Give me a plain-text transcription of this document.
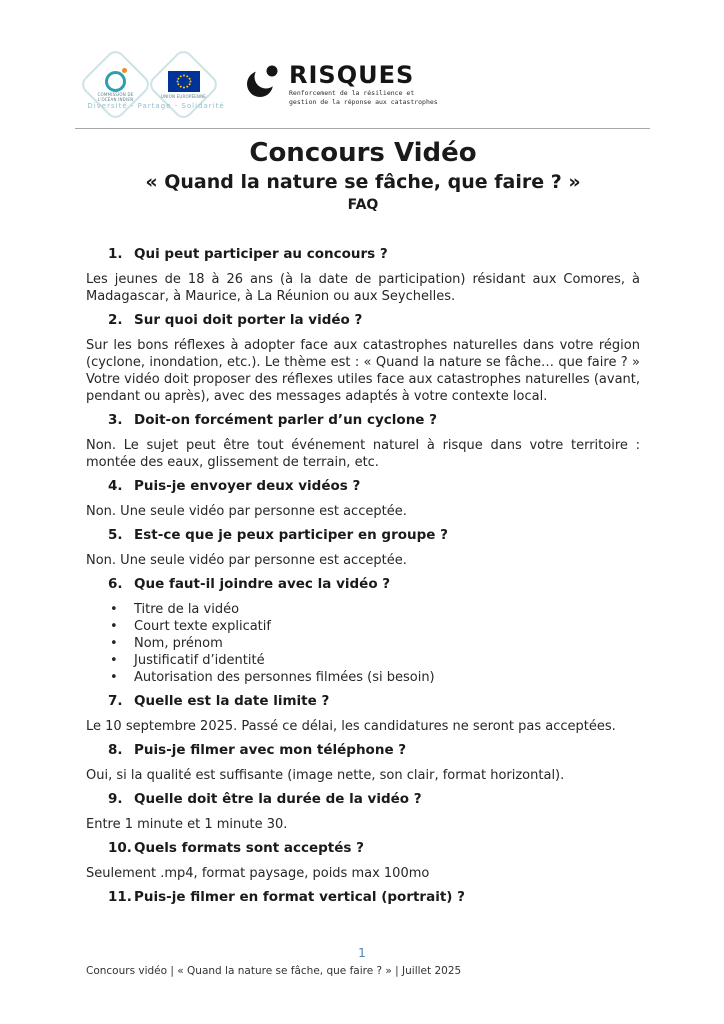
COMMISSION DE L'OCÉAN INDIEN
UNION EUROPÉENNE
Diversité - Partage - Solidarité
RISQUES
Renforcement de la résilience et
gestion de la réponse aux catastrophes
Concours Vidéo
« Quand la nature se fâche, que faire ? »
FAQ
1. Qui peut participer au concours ?

Les jeunes de 18 à 26 ans (à la date de participation) résidant aux Comores, à Madagascar, à Maurice, à La Réunion ou aux Seychelles.

2. Sur quoi doit porter la vidéo ?

Sur les bons réflexes à adopter face aux catastrophes naturelles dans votre région (cyclone, inondation, etc.). Le thème est : « Quand la nature se fâche… que faire ? » Votre vidéo doit proposer des réflexes utiles face aux catastrophes naturelles (avant, pendant ou après), avec des messages adaptés à votre contexte local.

3. Doit-on forcément parler d’un cyclone ?

Non. Le sujet peut être tout événement naturel à risque dans votre territoire : montée des eaux, glissement de terrain, etc.

4. Puis-je envoyer deux vidéos ?

Non. Une seule vidéo par personne est acceptée.

5. Est-ce que je peux participer en groupe ?

Non. Une seule vidéo par personne est acceptée.

6. Que faut-il joindre avec la vidéo ?
• Titre de la vidéo
• Court texte explicatif
• Nom, prénom
• Justificatif d’identité
• Autorisation des personnes filmées (si besoin)
7. Quelle est la date limite ?

Le 10 septembre 2025. Passé ce délai, les candidatures ne seront pas acceptées.

8. Puis-je filmer avec mon téléphone ?

Oui, si la qualité est suffisante (image nette, son clair, format horizontal).

9. Quelle doit être la durée de la vidéo ?

Entre 1 minute et 1 minute 30.

10. Quels formats sont acceptés ?

Seulement .mp4, format paysage, poids max 100mo

11. Puis-je filmer en format vertical (portrait) ?
1
Concours vidéo | « Quand la nature se fâche, que faire ? » | Juillet 2025
